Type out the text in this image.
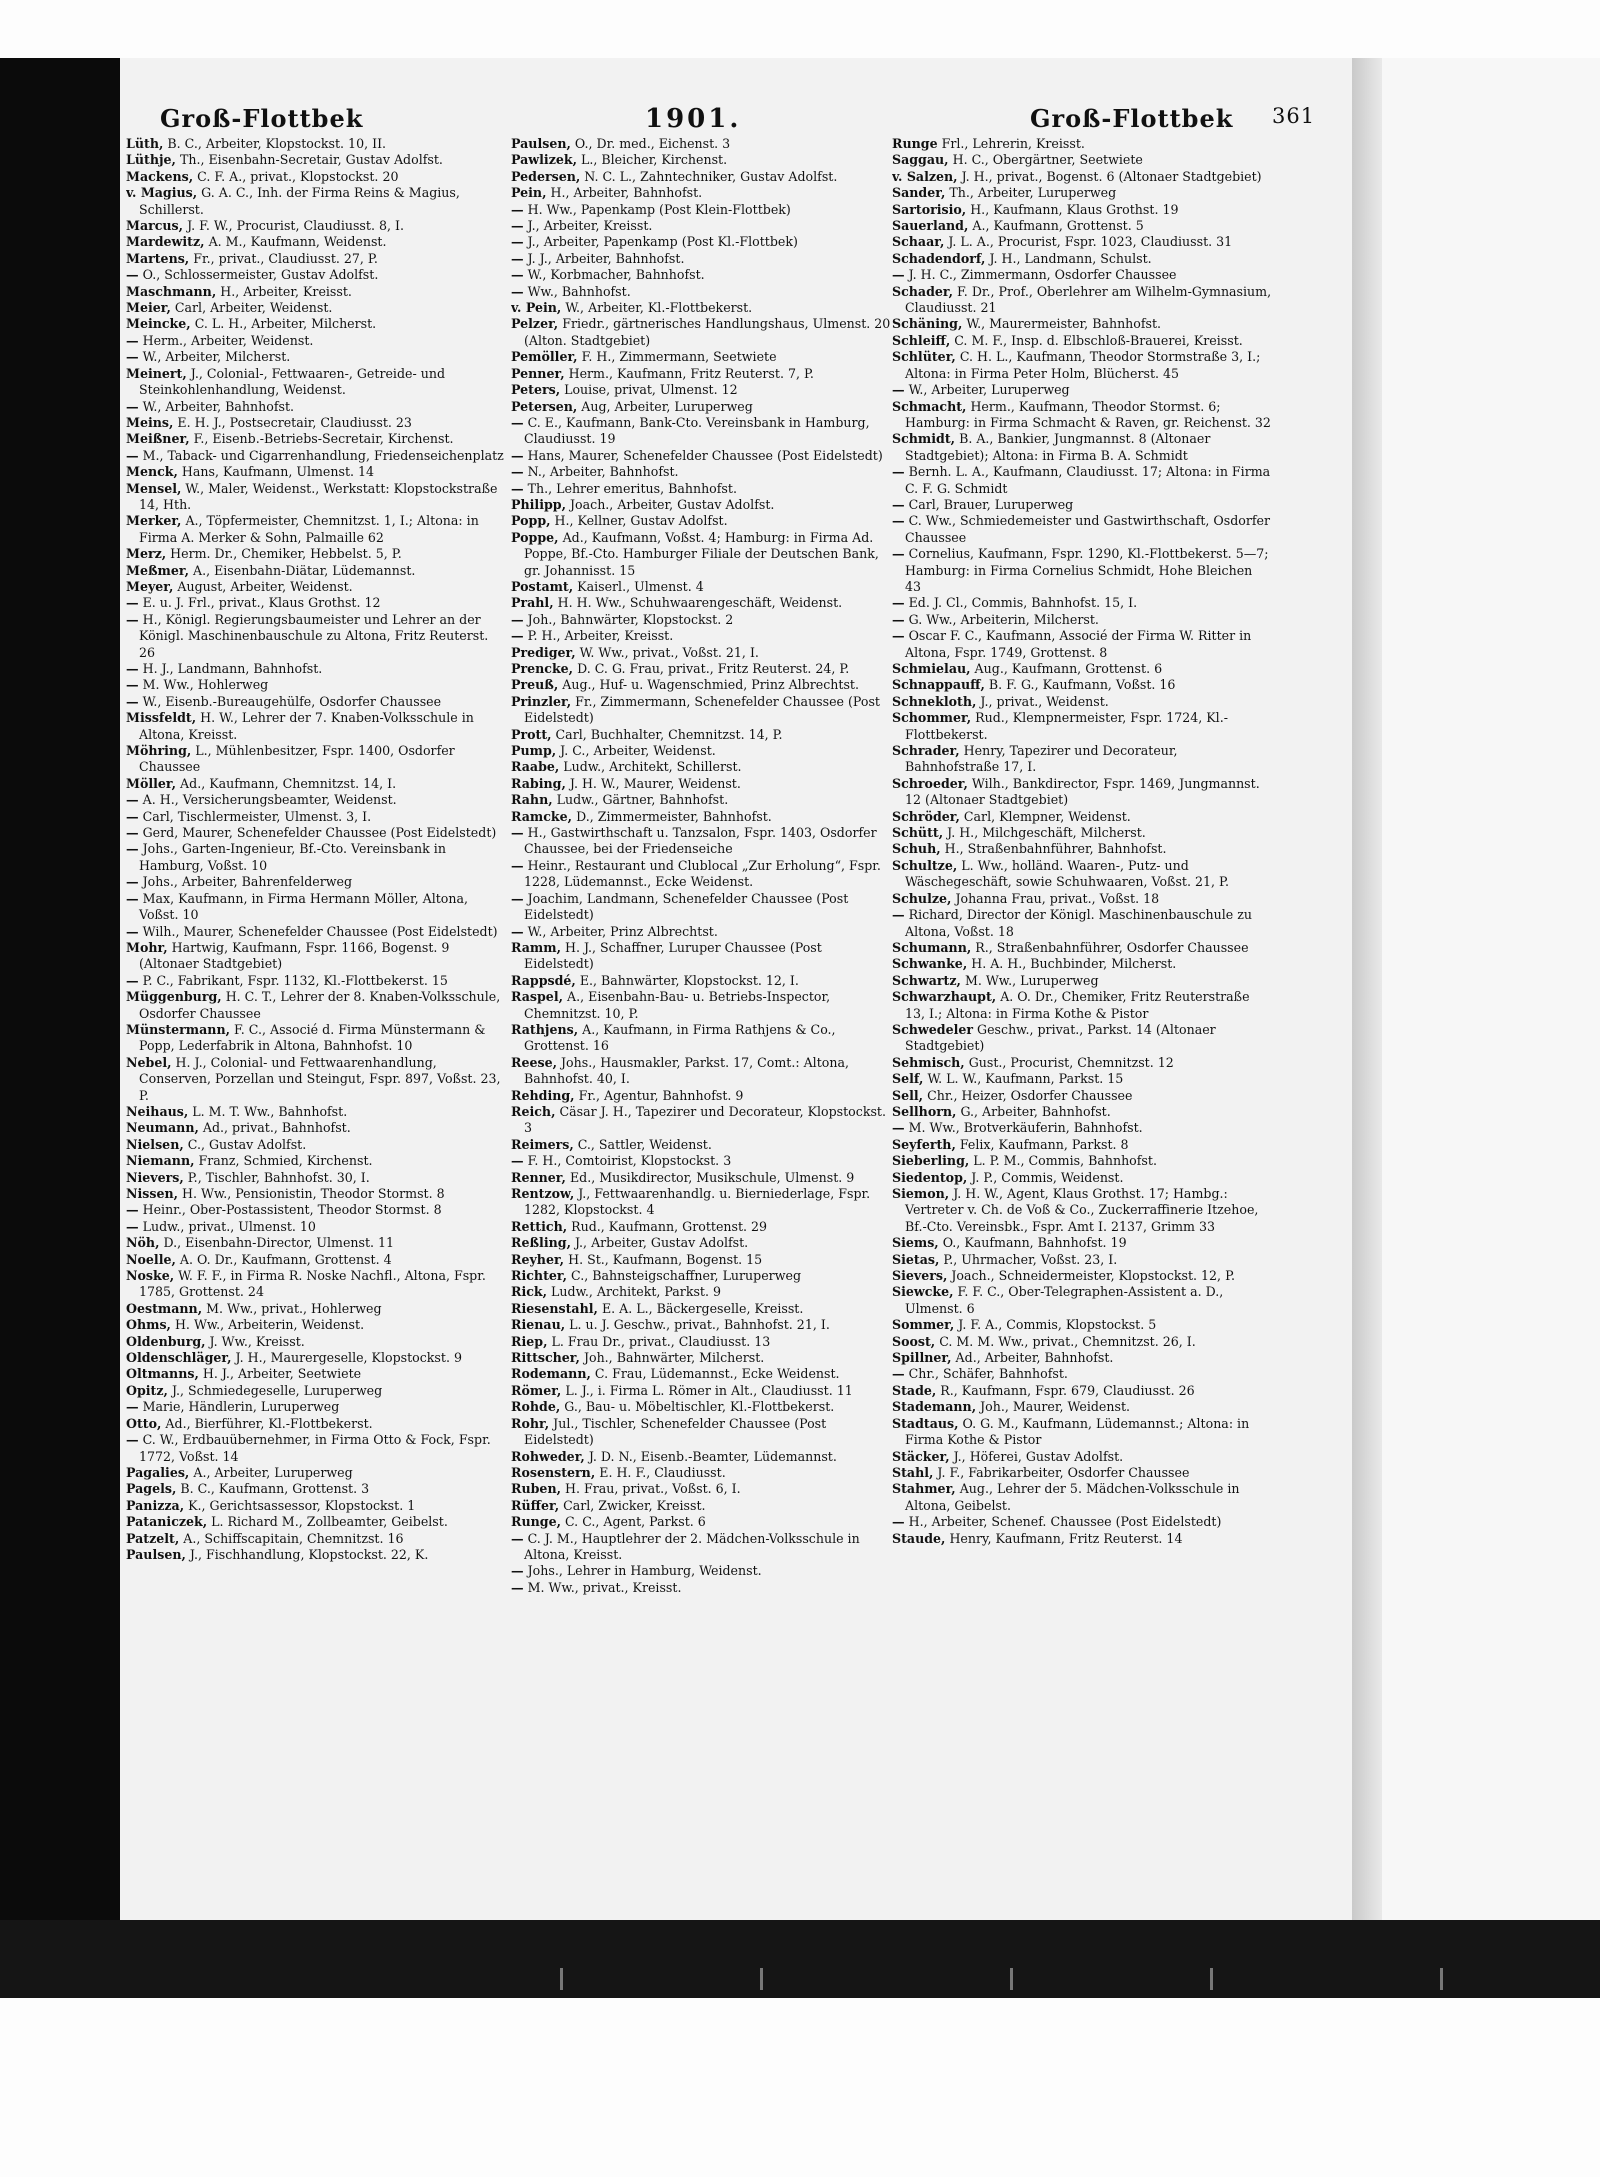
Groß-Flottbek	1901.	Groß-Flottbek 361
Lüth, B. C., Arbeiter, Klopstockst. 10, II.
Lüthje, Th., Eisenbahn-Secretair, Gustav Adolfst.
Mackens, C. F. A., privat., Klopstockst. 20
v. Magius, G. A. C., Inh. der Firma Reins & Magius, Schillerst.
Marcus, J. F. W., Procurist, Claudiusst. 8, I.
Mardewitz, A. M., Kaufmann, Weidenst.
Martens, Fr., privat., Claudiusst. 27, P.
— O., Schlossermeister, Gustav Adolfst.
Maschmann, H., Arbeiter, Kreisst.
Meier, Carl, Arbeiter, Weidenst.
Meincke, C. L. H., Arbeiter, Milcherst.
— Herm., Arbeiter, Weidenst.
— W., Arbeiter, Milcherst.
Meinert, J., Colonial-, Fettwaaren-, Getreide- und Steinkohlenhandlung, Weidenst.
— W., Arbeiter, Bahnhofst.
Meins, E. H. J., Postsecretair, Claudiusst. 23
Meißner, F., Eisenb.-Betriebs-Secretair, Kirchenst.
— M., Taback- und Cigarrenhandlung, Friedenseichenplatz
Menck, Hans, Kaufmann, Ulmenst. 14
Mensel, W., Maler, Weidenst., Werkstatt: Klopstockstraße 14, Hth.
Merker, A., Töpfermeister, Chemnitzst. 1, I.; Altona: in Firma A. Merker & Sohn, Palmaille 62
Merz, Herm. Dr., Chemiker, Hebbelst. 5, P.
Meßmer, A., Eisenbahn-Diätar, Lüdemannst.
Meyer, August, Arbeiter, Weidenst.
— E. u. J. Frl., privat., Klaus Grothst. 12
— H., Königl. Regierungsbaumeister und Lehrer an der Königl. Maschinenbauschule zu Altona, Fritz Reuterst. 26
— H. J., Landmann, Bahnhofst.
— M. Ww., Hohlerweg
— W., Eisenb.-Bureaugehülfe, Osdorfer Chaussee
Missfeldt, H. W., Lehrer der 7. Knaben-Volksschule in Altona, Kreisst.
Möhring, L., Mühlenbesitzer, Fspr. 1400, Osdorfer Chaussee
Möller, Ad., Kaufmann, Chemnitzst. 14, I.
— A. H., Versicherungsbeamter, Weidenst.
— Carl, Tischlermeister, Ulmenst. 3, I.
— Gerd, Maurer, Schenefelder Chaussee (Post Eidelstedt)
— Johs., Garten-Ingenieur, Bf.-Cto. Vereinsbank in Hamburg, Voßst. 10
— Johs., Arbeiter, Bahrenfelderweg
— Max, Kaufmann, in Firma Hermann Möller, Altona, Voßst. 10
— Wilh., Maurer, Schenefelder Chaussee (Post Eidelstedt)
Mohr, Hartwig, Kaufmann, Fspr. 1166, Bogenst. 9 (Altonaer Stadtgebiet)
— P. C., Fabrikant, Fspr. 1132, Kl.-Flottbekerst. 15
Müggenburg, H. C. T., Lehrer der 8. Knaben-Volksschule, Osdorfer Chaussee
Münstermann, F. C., Associé d. Firma Münstermann & Popp, Lederfabrik in Altona, Bahnhofst. 10
Nebel, H. J., Colonial- und Fettwaarenhandlung, Conserven, Porzellan und Steingut, Fspr. 897, Voßst. 23, P.
Neihaus, L. M. T. Ww., Bahnhofst.
Neumann, Ad., privat., Bahnhofst.
Nielsen, C., Gustav Adolfst.
Niemann, Franz, Schmied, Kirchenst.
Nievers, P., Tischler, Bahnhofst. 30, I.
Nissen, H. Ww., Pensionistin, Theodor Stormst. 8
— Heinr., Ober-Postassistent, Theodor Stormst. 8
— Ludw., privat., Ulmenst. 10
Nöh, D., Eisenbahn-Director, Ulmenst. 11
Noelle, A. O. Dr., Kaufmann, Grottenst. 4
Noske, W. F. F., in Firma R. Noske Nachfl., Altona, Fspr. 1785, Grottenst. 24
Oestmann, M. Ww., privat., Hohlerweg
Ohms, H. Ww., Arbeiterin, Weidenst.
Oldenburg, J. Ww., Kreisst.
Oldenschläger, J. H., Maurergeselle, Klopstockst. 9
Oltmanns, H. J., Arbeiter, Seetwiete
Opitz, J., Schmiedegeselle, Luruperweg
— Marie, Händlerin, Luruperweg
Otto, Ad., Bierführer, Kl.-Flottbekerst.
— C. W., Erdbauübernehmer, in Firma Otto & Fock, Fspr. 1772, Voßst. 14
Pagalies, A., Arbeiter, Luruperweg
Pagels, B. C., Kaufmann, Grottenst. 3
Panizza, K., Gerichtsassessor, Klopstockst. 1
Pataniczek, L. Richard M., Zollbeamter, Geibelst.
Patzelt, A., Schiffscapitain, Chemnitzst. 16
Paulsen, J., Fischhandlung, Klopstockst. 22, K.
Paulsen, O., Dr. med., Eichenst. 3
Pawlizek, L., Bleicher, Kirchenst.
Pedersen, N. C. L., Zahntechniker, Gustav Adolfst.
Pein, H., Arbeiter, Bahnhofst.
— H. Ww., Papenkamp (Post Klein-Flottbek)
— J., Arbeiter, Kreisst.
— J., Arbeiter, Papenkamp (Post Kl.-Flottbek)
— J. J., Arbeiter, Bahnhofst.
— W., Korbmacher, Bahnhofst.
— Ww., Bahnhofst.
v. Pein, W., Arbeiter, Kl.-Flottbekerst.
Pelzer, Friedr., gärtnerisches Handlungshaus, Ulmenst. 20 (Alton. Stadtgebiet)
Pemöller, F. H., Zimmermann, Seetwiete
Penner, Herm., Kaufmann, Fritz Reuterst. 7, P.
Peters, Louise, privat, Ulmenst. 12
Petersen, Aug, Arbeiter, Luruperweg
— C. E., Kaufmann, Bank-Cto. Vereinsbank in Hamburg, Claudiusst. 19
— Hans, Maurer, Schenefelder Chaussee (Post Eidelstedt)
— N., Arbeiter, Bahnhofst.
— Th., Lehrer emeritus, Bahnhofst.
Philipp, Joach., Arbeiter, Gustav Adolfst.
Popp, H., Kellner, Gustav Adolfst.
Poppe, Ad., Kaufmann, Voßst. 4; Hamburg: in Firma Ad. Poppe, Bf.-Cto. Hamburger Filiale der Deutschen Bank, gr. Johannisst. 15
Postamt, Kaiserl., Ulmenst. 4
Prahl, H. H. Ww., Schuhwaarengeschäft, Weidenst.
— Joh., Bahnwärter, Klopstockst. 2
— P. H., Arbeiter, Kreisst.
Prediger, W. Ww., privat., Voßst. 21, I.
Prencke, D. C. G. Frau, privat., Fritz Reuterst. 24, P.
Preuß, Aug., Huf- u. Wagenschmied, Prinz Albrechtst.
Prinzler, Fr., Zimmermann, Schenefelder Chaussee (Post Eidelstedt)
Prott, Carl, Buchhalter, Chemnitzst. 14, P.
Pump, J. C., Arbeiter, Weidenst.
Raabe, Ludw., Architekt, Schillerst.
Rabing, J. H. W., Maurer, Weidenst.
Rahn, Ludw., Gärtner, Bahnhofst.
Ramcke, D., Zimmermeister, Bahnhofst.
— H., Gastwirthschaft u. Tanzsalon, Fspr. 1403, Osdorfer Chaussee, bei der Friedenseiche
— Heinr., Restaurant und Clublocal „Zur Erholung“, Fspr. 1228, Lüdemannst., Ecke Weidenst.
— Joachim, Landmann, Schenefelder Chaussee (Post Eidelstedt)
— W., Arbeiter, Prinz Albrechtst.
Ramm, H. J., Schaffner, Luruper Chaussee (Post Eidelstedt)
Rappsdé, E., Bahnwärter, Klopstockst. 12, I.
Raspel, A., Eisenbahn-Bau- u. Betriebs-Inspector, Chemnitzst. 10, P.
Rathjens, A., Kaufmann, in Firma Rathjens & Co., Grottenst. 16
Reese, Johs., Hausmakler, Parkst. 17, Comt.: Altona, Bahnhofst. 40, I.
Rehding, Fr., Agentur, Bahnhofst. 9
Reich, Cäsar J. H., Tapezirer und Decorateur, Klopstockst. 3
Reimers, C., Sattler, Weidenst.
— F. H., Comtoirist, Klopstockst. 3
Renner, Ed., Musikdirector, Musikschule, Ulmenst. 9
Rentzow, J., Fettwaarenhandlg. u. Bierniederlage, Fspr. 1282, Klopstockst. 4
Rettich, Rud., Kaufmann, Grottenst. 29
Reßling, J., Arbeiter, Gustav Adolfst.
Reyher, H. St., Kaufmann, Bogenst. 15
Richter, C., Bahnsteigschaffner, Luruperweg
Rick, Ludw., Architekt, Parkst. 9
Riesenstahl, E. A. L., Bäckergeselle, Kreisst.
Rienau, L. u. J. Geschw., privat., Bahnhofst. 21, I.
Riep, L. Frau Dr., privat., Claudiusst. 13
Rittscher, Joh., Bahnwärter, Milcherst.
Rodemann, C. Frau, Lüdemannst., Ecke Weidenst.
Römer, L. J., i. Firma L. Römer in Alt., Claudiusst. 11
Rohde, G., Bau- u. Möbeltischler, Kl.-Flottbekerst.
Rohr, Jul., Tischler, Schenefelder Chaussee (Post Eidelstedt)
Rohweder, J. D. N., Eisenb.-Beamter, Lüdemannst.
Rosenstern, E. H. F., Claudiusst.
Ruben, H. Frau, privat., Voßst. 6, I.
Rüffer, Carl, Zwicker, Kreisst.
Runge, C. C., Agent, Parkst. 6
— C. J. M., Hauptlehrer der 2. Mädchen-Volksschule in Altona, Kreisst.
— Johs., Lehrer in Hamburg, Weidenst.
— M. Ww., privat., Kreisst.
Runge Frl., Lehrerin, Kreisst.
Saggau, H. C., Obergärtner, Seetwiete
v. Salzen, J. H., privat., Bogenst. 6 (Altonaer Stadtgebiet)
Sander, Th., Arbeiter, Luruperweg
Sartorisio, H., Kaufmann, Klaus Grothst. 19
Sauerland, A., Kaufmann, Grottenst. 5
Schaar, J. L. A., Procurist, Fspr. 1023, Claudiusst. 31
Schadendorf, J. H., Landmann, Schulst.
— J. H. C., Zimmermann, Osdorfer Chaussee
Schader, F. Dr., Prof., Oberlehrer am Wilhelm-Gymnasium, Claudiusst. 21
Schäning, W., Maurermeister, Bahnhofst.
Schleiff, C. M. F., Insp. d. Elbschloß-Brauerei, Kreisst.
Schlüter, C. H. L., Kaufmann, Theodor Stormstraße 3, I.; Altona: in Firma Peter Holm, Blücherst. 45
— W., Arbeiter, Luruperweg
Schmacht, Herm., Kaufmann, Theodor Stormst. 6; Hamburg: in Firma Schmacht & Raven, gr. Reichenst. 32
Schmidt, B. A., Bankier, Jungmannst. 8 (Altonaer Stadtgebiet); Altona: in Firma B. A. Schmidt
— Bernh. L. A., Kaufmann, Claudiusst. 17; Altona: in Firma C. F. G. Schmidt
— Carl, Brauer, Luruperweg
— C. Ww., Schmiedemeister und Gastwirthschaft, Osdorfer Chaussee
— Cornelius, Kaufmann, Fspr. 1290, Kl.-Flottbekerst. 5—7; Hamburg: in Firma Cornelius Schmidt, Hohe Bleichen 43
— Ed. J. Cl., Commis, Bahnhofst. 15, I.
— G. Ww., Arbeiterin, Milcherst.
— Oscar F. C., Kaufmann, Associé der Firma W. Ritter in Altona, Fspr. 1749, Grottenst. 8
Schmielau, Aug., Kaufmann, Grottenst. 6
Schnappauff, B. F. G., Kaufmann, Voßst. 16
Schnekloth, J., privat., Weidenst.
Schommer, Rud., Klempnermeister, Fspr. 1724, Kl.-Flottbekerst.
Schrader, Henry, Tapezirer und Decorateur, Bahnhofstraße 17, I.
Schroeder, Wilh., Bankdirector, Fspr. 1469, Jungmannst. 12 (Altonaer Stadtgebiet)
Schröder, Carl, Klempner, Weidenst.
Schütt, J. H., Milchgeschäft, Milcherst.
Schuh, H., Straßenbahnführer, Bahnhofst.
Schultze, L. Ww., holländ. Waaren-, Putz- und Wäschegeschäft, sowie Schuhwaaren, Voßst. 21, P.
Schulze, Johanna Frau, privat., Voßst. 18
— Richard, Director der Königl. Maschinenbauschule zu Altona, Voßst. 18
Schumann, R., Straßenbahnführer, Osdorfer Chaussee
Schwanke, H. A. H., Buchbinder, Milcherst.
Schwartz, M. Ww., Luruperweg
Schwarzhaupt, A. O. Dr., Chemiker, Fritz Reuterstraße 13, I.; Altona: in Firma Kothe & Pistor
Schwedeler Geschw., privat., Parkst. 14 (Altonaer Stadtgebiet)
Sehmisch, Gust., Procurist, Chemnitzst. 12
Self, W. L. W., Kaufmann, Parkst. 15
Sell, Chr., Heizer, Osdorfer Chaussee
Sellhorn, G., Arbeiter, Bahnhofst.
— M. Ww., Brotverkäuferin, Bahnhofst.
Seyferth, Felix, Kaufmann, Parkst. 8
Sieberling, L. P. M., Commis, Bahnhofst.
Siedentop, J. P., Commis, Weidenst.
Siemon, J. H. W., Agent, Klaus Grothst. 17; Hambg.: Vertreter v. Ch. de Voß & Co., Zuckerraffinerie Itzehoe, Bf.-Cto. Vereinsbk., Fspr. Amt I. 2137, Grimm 33
Siems, O., Kaufmann, Bahnhofst. 19
Sietas, P., Uhrmacher, Voßst. 23, I.
Sievers, Joach., Schneidermeister, Klopstockst. 12, P.
Siewcke, F. F. C., Ober-Telegraphen-Assistent a. D., Ulmenst. 6
Sommer, J. F. A., Commis, Klopstockst. 5
Soost, C. M. M. Ww., privat., Chemnitzst. 26, I.
Spillner, Ad., Arbeiter, Bahnhofst.
— Chr., Schäfer, Bahnhofst.
Stade, R., Kaufmann, Fspr. 679, Claudiusst. 26
Stademann, Joh., Maurer, Weidenst.
Stadtaus, O. G. M., Kaufmann, Lüdemannst.; Altona: in Firma Kothe & Pistor
Stäcker, J., Höferei, Gustav Adolfst.
Stahl, J. F., Fabrikarbeiter, Osdorfer Chaussee
Stahmer, Aug., Lehrer der 5. Mädchen-Volksschule in Altona, Geibelst.
— H., Arbeiter, Schenef. Chaussee (Post Eidelstedt)
Staude, Henry, Kaufmann, Fritz Reuterst. 14
